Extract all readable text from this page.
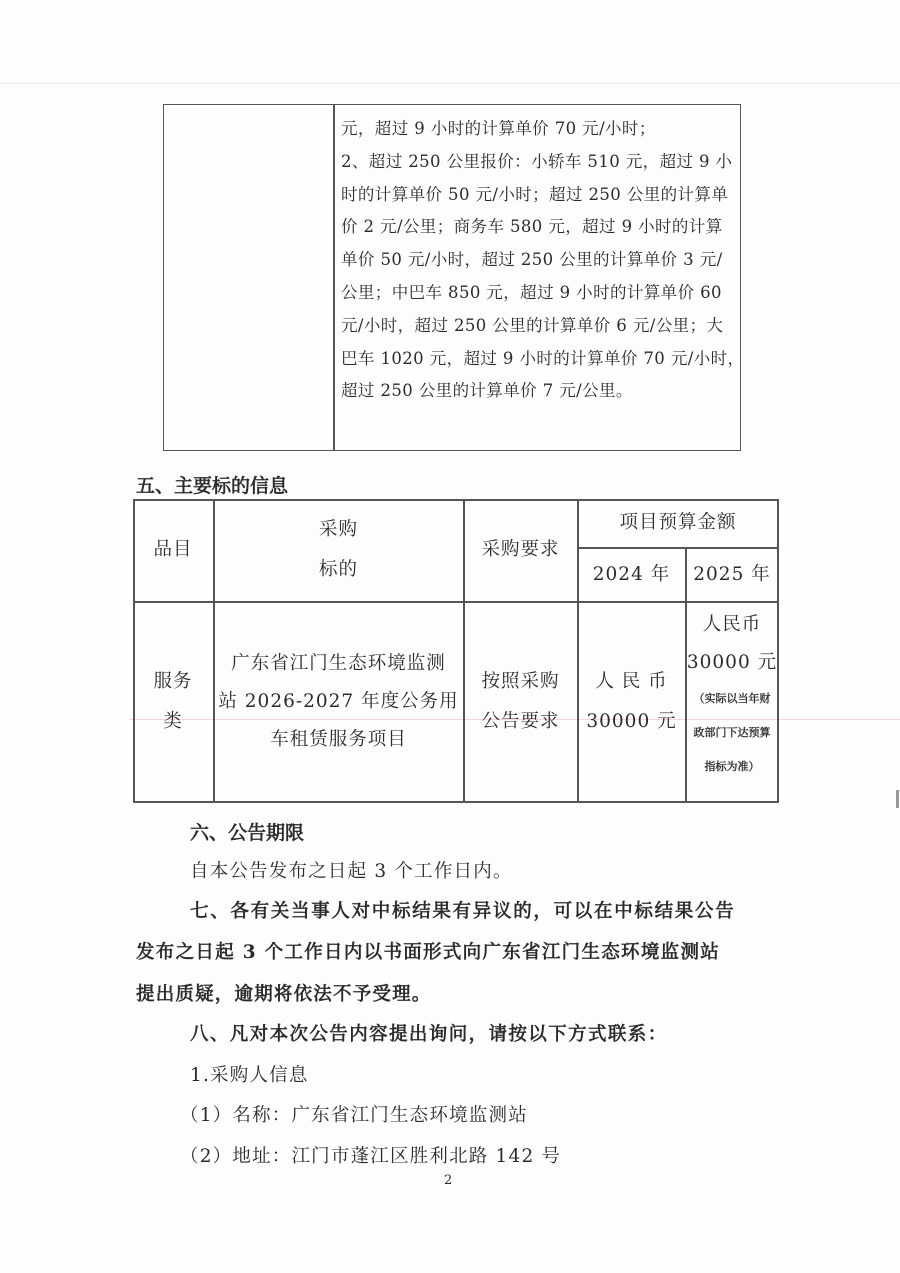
元，超过 9 小时的计算单价 70 元/小时；
2、超过 250 公里报价：小轿车 510 元，超过 9 小
时的计算单价 50 元/小时；超过 250 公里的计算单
价 2 元/公里；商务车 580 元，超过 9 小时的计算
单价 50 元/小时，超过 250 公里的计算单价 3 元/
公里；中巴车 850 元，超过 9 小时的计算单价 60
元/小时，超过 250 公里的计算单价 6 元/公里；大
巴车 1020 元，超过 9 小时的计算单价 70 元/小时，
超过 250 公里的计算单价 7 元/公里。
五、主要标的信息
品目
采购
标的
采购要求
项目预算金额
2024 年 2025 年
服务
类
广东省江门生态环境监测
站 2026-2027 年度公务用
车租赁服务项目
按照采购
公告要求
人 民 币
30000 元
人民币
30000 元
（实际以当年财
政部门下达预算
指标为准）
六、公告期限
自本公告发布之日起 3 个工作日内。
七、各有关当事人对中标结果有异议的，可以在中标结果公告
发布之日起 3 个工作日内以书面形式向广东省江门生态环境监测站
提出质疑，逾期将依法不予受理。
八、凡对本次公告内容提出询问，请按以下方式联系：
1.采购人信息
（1）名称：广东省江门生态环境监测站
（2）地址：江门市蓬江区胜利北路 142 号
2
